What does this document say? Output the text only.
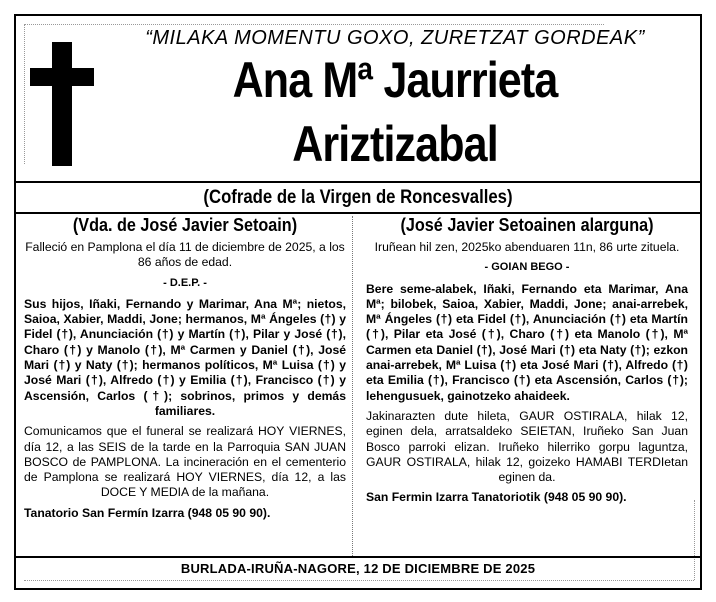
“MILAKA MOMENTU GOXO, ZURETZAT GORDEAK”
Ana Mª Jaurrieta
Ariztizabal
(Cofrade de la Virgen de Roncesvalles)
(Vda. de José Javier Setoain)

Falleció en Pamplona el día 11 de diciembre de 2025, a los 86 años de edad.

- D.E.P. -

Sus hijos, Iñaki, Fernando y Marimar, Ana Mª; nietos, Saioa, Xabier, Maddi, Jone; hermanos, Mª Ángeles (†) y Fidel (†), Anunciación (†) y Martín (†), Pilar y José (†), Charo (†) y Manolo (†), Mª Carmen y Daniel (†), José Mari (†) y Naty (†); hermanos políticos, Mª Luisa (†) y José Mari (†), Alfredo (†) y Emilia (†), Francisco (†) y Ascensión, Carlos (†); sobrinos, primos y demás familiares.

Comunicamos que el funeral se realizará HOY VIERNES, día 12, a las SEIS de la tarde en la Parroquia SAN JUAN BOSCO de PAMPLONA. La incineración en el cementerio de Pamplona se realizará HOY VIERNES, día 12, a las DOCE Y MEDIA de la mañana.

Tanatorio San Fermín Izarra (948 05 90 90).

(José Javier Setoainen alarguna)

Iruñean hil zen, 2025ko abenduaren 11n, 86 urte zituela.

- GOIAN BEGO -

Bere seme-alabek, Iñaki, Fernando eta Marimar, Ana Mª; bilobek, Saioa, Xabier, Maddi, Jone; anai-arrebek, Mª Ángeles (†) eta Fidel (†), Anunciación (†) eta Martín (†), Pilar eta José (†), Charo (†) eta Manolo (†), Mª Carmen eta Daniel (†), José Mari (†) eta Naty (†); ezkon anai-arrebek, Mª Luisa (†) eta José Mari (†), Alfredo (†) eta Emilia (†), Francisco (†) eta Ascensión, Carlos (†); lehengusuek, gainotzeko ahaideek.

Jakinarazten dute hileta, GAUR OSTIRALA, hilak 12, eginen dela, arratsaldeko SEIETAN, Iruñeko San Juan Bosco parroki elizan. Iruñeko hilerriko gorpu laguntza, GAUR OSTIRALA, hilak 12, goizeko HAMABI TERDIetan eginen da.

San Fermin Izarra Tanatoriotik (948 05 90 90).

BURLADA-IRUÑA-NAGORE, 12 DE DICIEMBRE DE 2025
